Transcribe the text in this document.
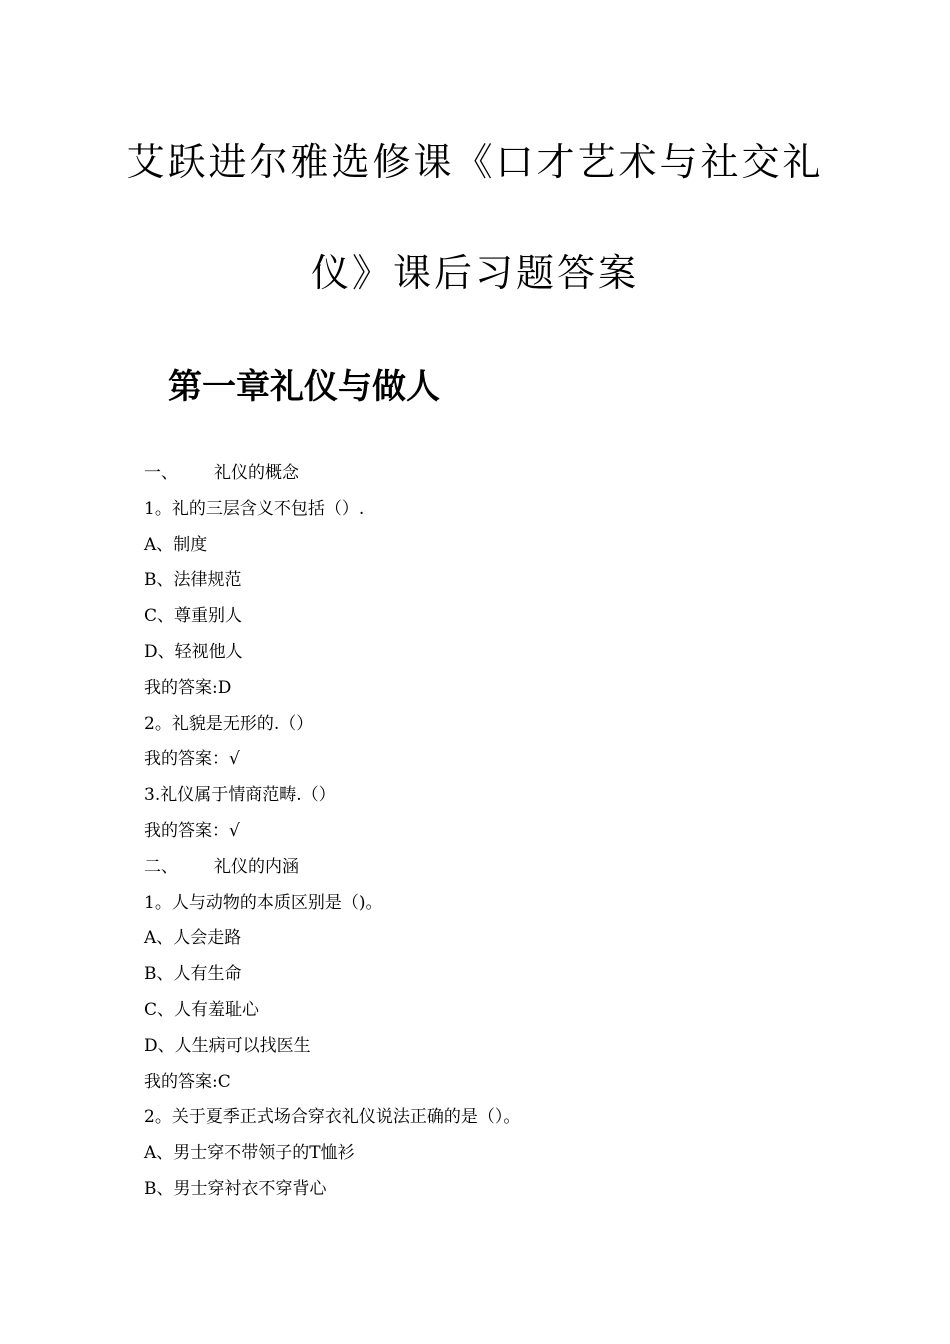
艾跃进尔雅选修课《口才艺术与社交礼
仪》课后习题答案
第一章礼仪与做人
一、 礼仪的概念
1。礼的三层含义不包括（）.
A、制度
B、法律规范
C、尊重别人
D、轻视他人
我的答案:D
2。礼貌是无形的.（）
我的答案：√
3.礼仪属于情商范畴.（）
我的答案：√
二、 礼仪的内涵
1。人与动物的本质区别是（)。
A、人会走路
B、人有生命
C、人有羞耻心
D、人生病可以找医生
我的答案:C
2。关于夏季正式场合穿衣礼仪说法正确的是（）。
A、男士穿不带领子的T恤衫
B、男士穿衬衣不穿背心
